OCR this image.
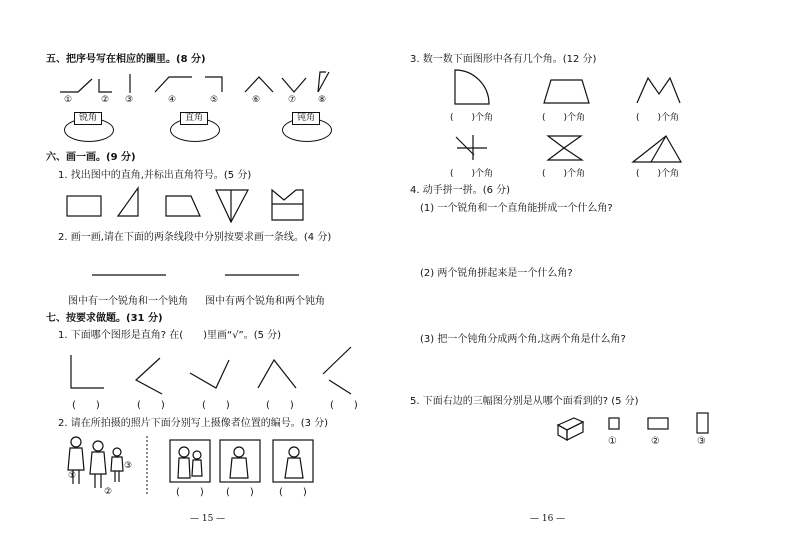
五、把序号写在相应的圈里。(8 分)
①	② ③	④	⑤	⑥	⑦ ⑧
锐角	直角	钝角
六、画一画。(9 分)
1. 找出图中的直角,并标出直角符号。(5 分)
2. 画一画,请在下面的两条线段中分别按要求画一条线。(4 分)
图中有一个锐角和一个钝角 图中有两个锐角和两个钝角
七、按要求做题。(31 分)
1. 下面哪个图形是直角? 在(　　)里画“√”。(5 分)
(　　)	(　　)	(　　)	(　　)	(　　)
2. 请在所拍摄的照片下面分别写上摄像者位置的编号。(3 分)
①
②
③
(　　) (　　)	(　　)
— 15 —
3. 数一数下面图形中各有几个角。(12 分)
(　　)个角	(　　)个角	(　　)个角
(　　)个角	(　　)个角	(　　)个角
4. 动手拼一拼。(6 分)
(1) 一个锐角和一个直角能拼成一个什么角?
(2) 两个锐角拼起来是一个什么角?
(3) 把一个钝角分成两个角,这两个角是什么角?
5. 下面右边的三幅图分别是从哪个面看到的? (5 分)
①	②	③
— 16 —
